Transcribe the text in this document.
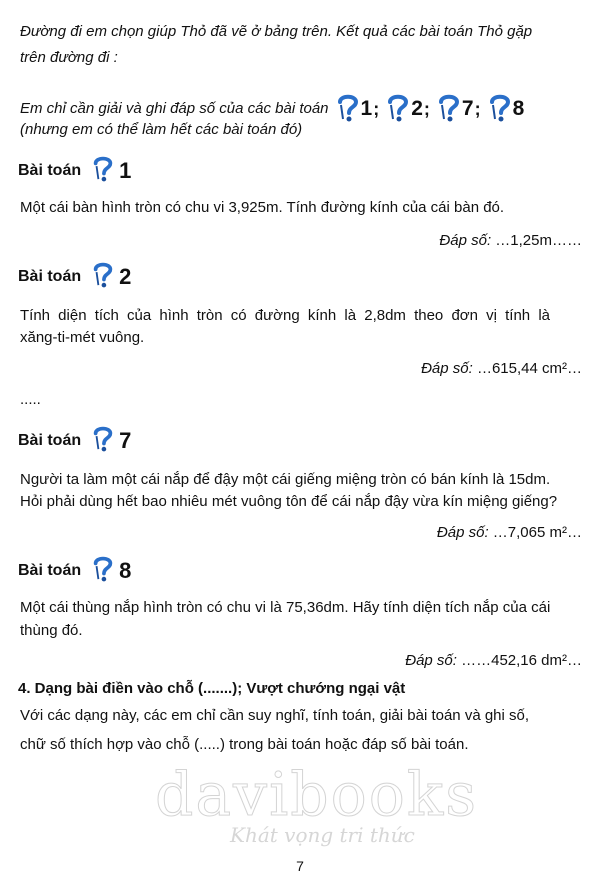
Đường đi em chọn giúp Thỏ đã vẽ ở bảng trên. Kết quả các bài toán Thỏ gặp
trên đường đi :
Em chỉ cần giải và ghi đáp số của các bài toán 1 ; 2 ; 7 ; 8
(nhưng em có thể làm hết các bài toán đó)
Bài toán 1
Một cái bàn hình tròn có chu vi 3,925m. Tính đường kính của cái bàn đó.
Đáp số: …1,25m……
Bài toán 2
Tính diện tích của hình tròn có đường kính là 2,8dm theo đơn vị tính là
xăng-ti-mét vuông.
Đáp số: …615,44 cm²…
.....
Bài toán 7
Người ta làm một cái nắp để đậy một cái giếng miệng tròn có bán kính là 15dm.
Hỏi phải dùng hết bao nhiêu mét vuông tôn để cái nắp đậy vừa kín miệng giếng?
Đáp số: …7,065 m²…
Bài toán 8
Một cái thùng nắp hình tròn có chu vi là 75,36dm. Hãy tính diện tích nắp của cái
thùng đó.
Đáp số: ……452,16 dm²…
4. Dạng bài điền vào chỗ (.......); Vượt chướng ngại vật
Với các dạng này, các em chỉ cần suy nghĩ, tính toán, giải bài toán và ghi số,
chữ số thích hợp vào chỗ (.....) trong bài toán hoặc đáp số bài toán.
davibooks
Khát vọng tri thức
7
